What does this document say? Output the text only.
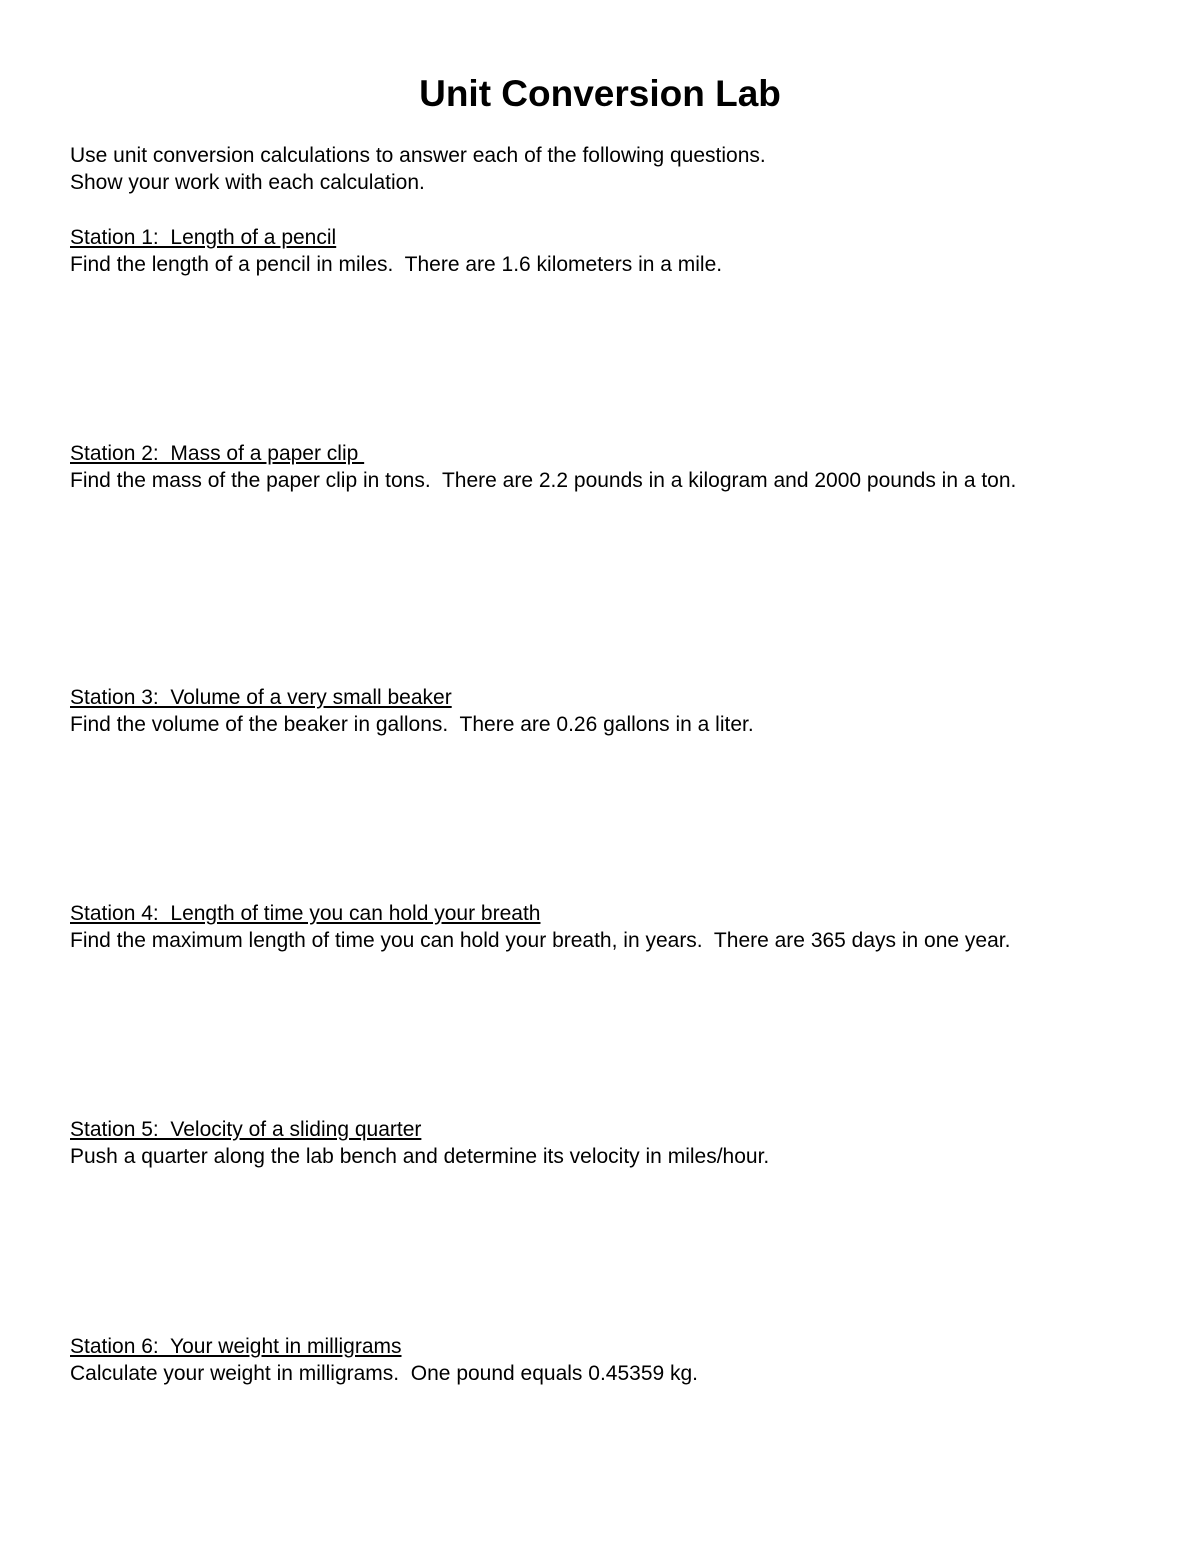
Unit Conversion Lab

Use unit conversion calculations to answer each of the following questions.

Show your work with each calculation.

Station 1:  Length of a pencil

Find the length of a pencil in miles.  There are 1.6 kilometers in a mile.

Station 2:  Mass of a paper clip

Find the mass of the paper clip in tons.  There are 2.2 pounds in a kilogram and 2000 pounds in a ton.

Station 3:  Volume of a very small beaker

Find the volume of the beaker in gallons.  There are 0.26 gallons in a liter.

Station 4:  Length of time you can hold your breath

Find the maximum length of time you can hold your breath, in years.  There are 365 days in one year.

Station 5:  Velocity of a sliding quarter

Push a quarter along the lab bench and determine its velocity in miles/hour.

Station 6:  Your weight in milligrams

Calculate your weight in milligrams.  One pound equals 0.45359 kg.
